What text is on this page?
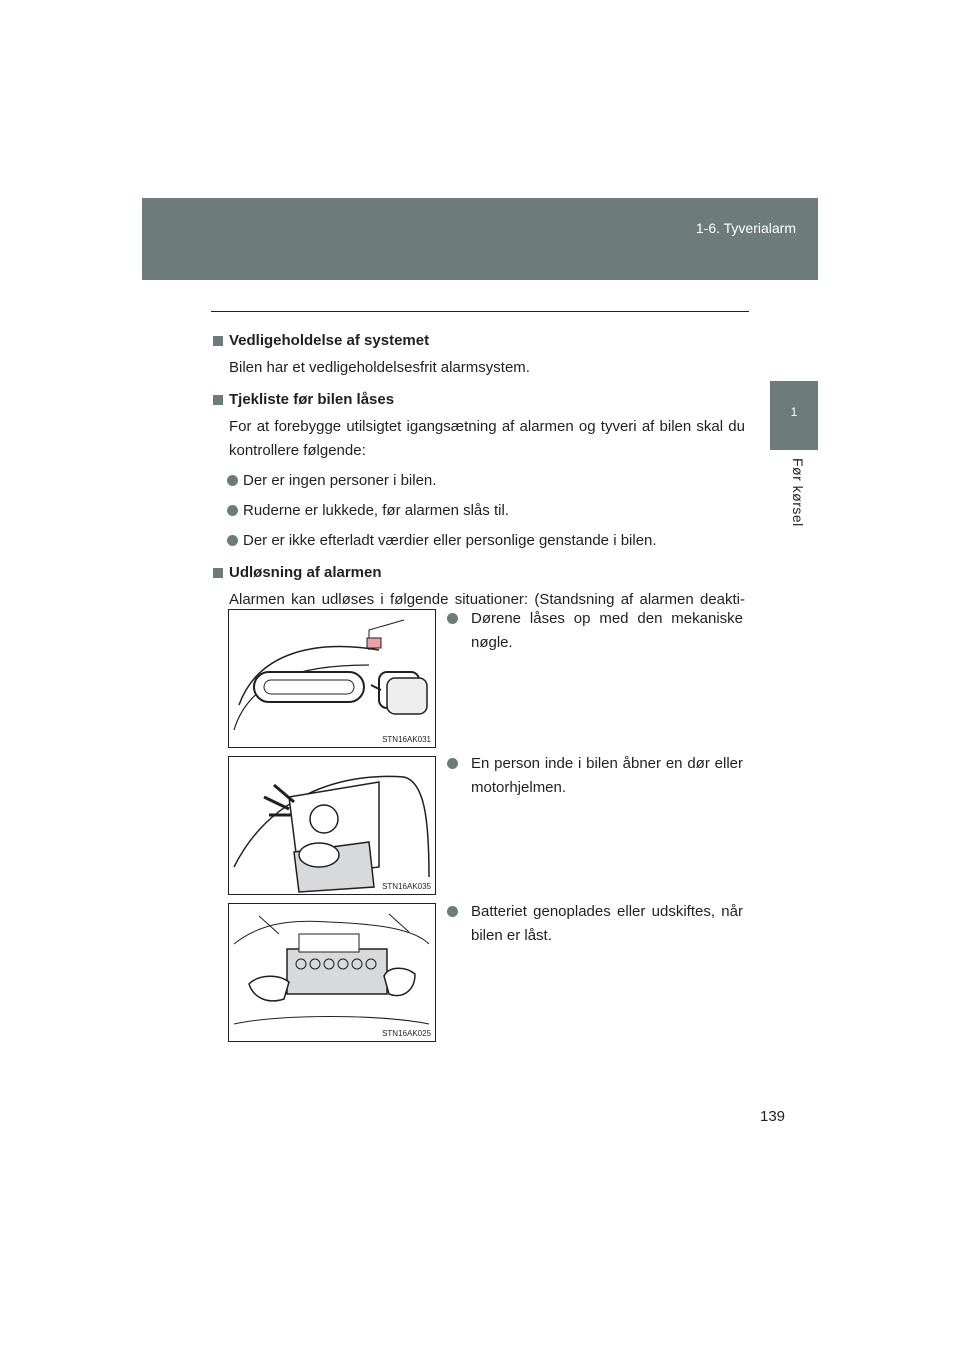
1-6. Tyverialarm
1
Før kørsel
Vedligeholdelse af systemet
Bilen har et vedligeholdelsesfrit alarmsystem.
Tjekliste før bilen låses
For at forebygge utilsigtet igangsætning af alarmen og tyveri af bilen skal du kontrollere følgende:
Der er ingen personer i bilen.
Ruderne er lukkede, før alarmen slås til.
Der er ikke efterladt værdier eller personlige genstande i bilen.
Udløsning af alarmen
Alarmen kan udløses i følgende situationer: (Standsning af alarmen deakti-
STN16AK031
Dørene låses op med den mekaniske nøgle.
STN16AK035
En person inde i bilen åbner en dør eller motorhjelmen.
STN16AK025
Batteriet genoplades eller udskiftes, når bilen er låst.
139
